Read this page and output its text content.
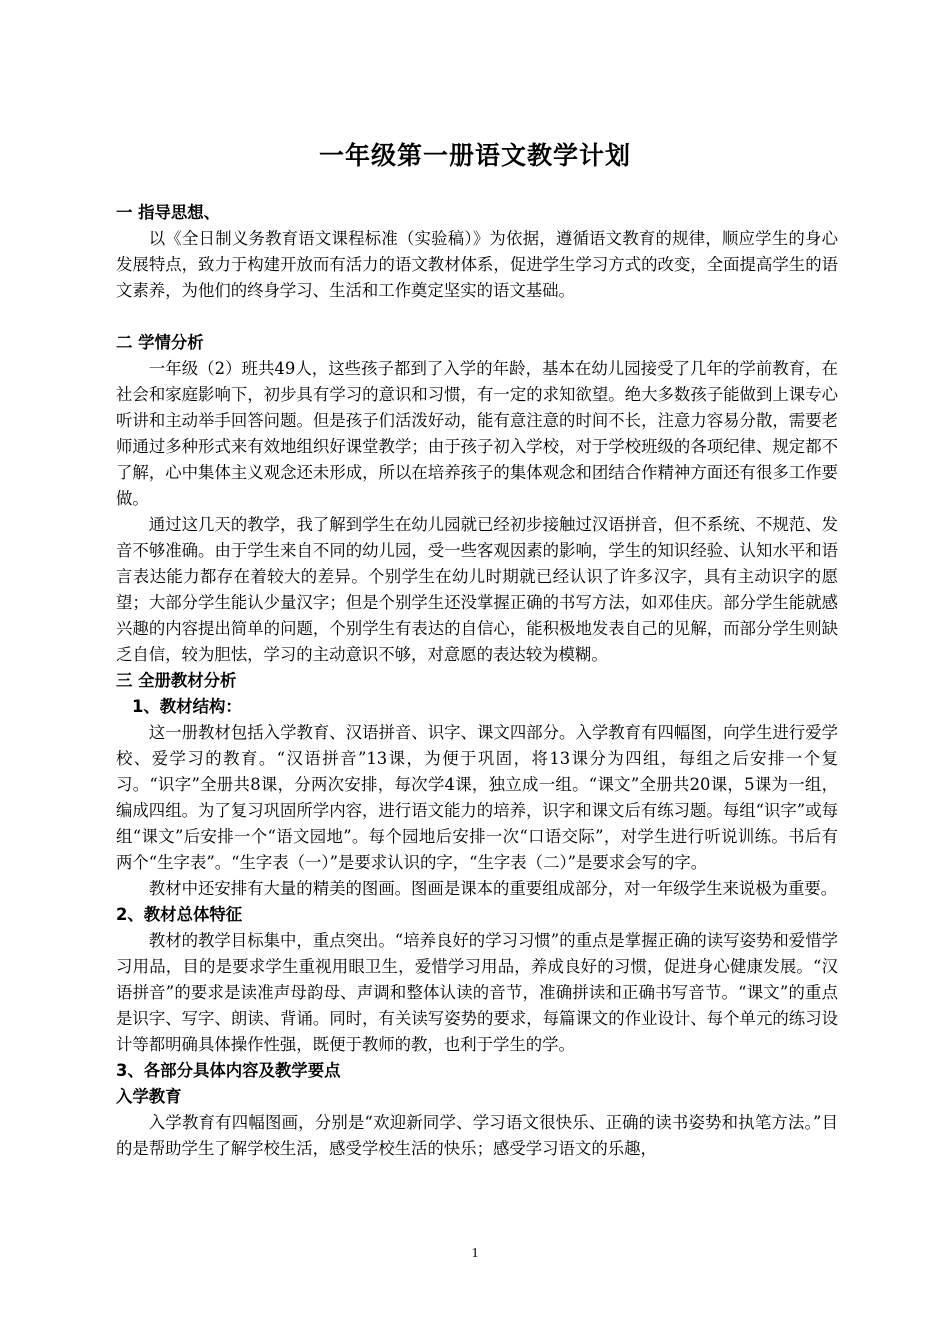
一年级第一册语文教学计划

一 指导思想、

以《全日制义务教育语文课程标准（实验稿）》为依据，遵循语文教育的规律，顺应学生的身心发展特点，致力于构建开放而有活力的语文教材体系，促进学生学习方式的改变，全面提高学生的语文素养，为他们的终身学习、生活和工作奠定坚实的语文基础。

二 学情分析

一年级（2）班共49人，这些孩子都到了入学的年龄，基本在幼儿园接受了几年的学前教育，在社会和家庭影响下，初步具有学习的意识和习惯，有一定的求知欲望。绝大多数孩子能做到上课专心听讲和主动举手回答问题。但是孩子们活泼好动，能有意注意的时间不长，注意力容易分散，需要老师通过多种形式来有效地组织好课堂教学；由于孩子初入学校，对于学校班级的各项纪律、规定都不了解，心中集体主义观念还未形成，所以在培养孩子的集体观念和团结合作精神方面还有很多工作要做。

通过这几天的教学，我了解到学生在幼儿园就已经初步接触过汉语拼音，但不系统、不规范、发音不够准确。由于学生来自不同的幼儿园，受一些客观因素的影响，学生的知识经验、认知水平和语言表达能力都存在着较大的差异。个别学生在幼儿时期就已经认识了许多汉字，具有主动识字的愿望；大部分学生能认少量汉字；但是个别学生还没掌握正确的书写方法，如邓佳庆。部分学生能就感兴趣的内容提出简单的问题，个别学生有表达的自信心，能积极地发表自己的见解，而部分学生则缺乏自信，较为胆怯，学习的主动意识不够，对意愿的表达较为模糊。

三 全册教材分析

1、教材结构：

这一册教材包括入学教育、汉语拼音、识字、课文四部分。入学教育有四幅图，向学生进行爱学校、爱学习的教育。“汉语拼音”13课，为便于巩固，将13课分为四组，每组之后安排一个复习。“识字”全册共8课，分两次安排，每次学4课，独立成一组。“课文”全册共20课，5课为一组，编成四组。为了复习巩固所学内容，进行语文能力的培养，识字和课文后有练习题。每组“识字”或每组“课文”后安排一个“语文园地”。每个园地后安排一次“口语交际”，对学生进行听说训练。书后有两个“生字表”。“生字表（一）”是要求认识的字，“生字表（二）”是要求会写的字。

教材中还安排有大量的精美的图画。图画是课本的重要组成部分，对一年级学生来说极为重要。

2、教材总体特征

教材的教学目标集中，重点突出。“培养良好的学习习惯”的重点是掌握正确的读写姿势和爱惜学习用品，目的是要求学生重视用眼卫生，爱惜学习用品，养成良好的习惯，促进身心健康发展。“汉语拼音”的要求是读准声母韵母、声调和整体认读的音节，准确拼读和正确书写音节。“课文”的重点是识字、写字、朗读、背诵。同时，有关读写姿势的要求，每篇课文的作业设计、每个单元的练习设计等都明确具体操作性强，既便于教师的教，也利于学生的学。

3、各部分具体内容及教学要点

入学教育

入学教育有四幅图画，分别是“欢迎新同学、学习语文很快乐、正确的读书姿势和执笔方法。”目的是帮助学生了解学校生活，感受学校生活的快乐；感受学习语文的乐趣，

1
